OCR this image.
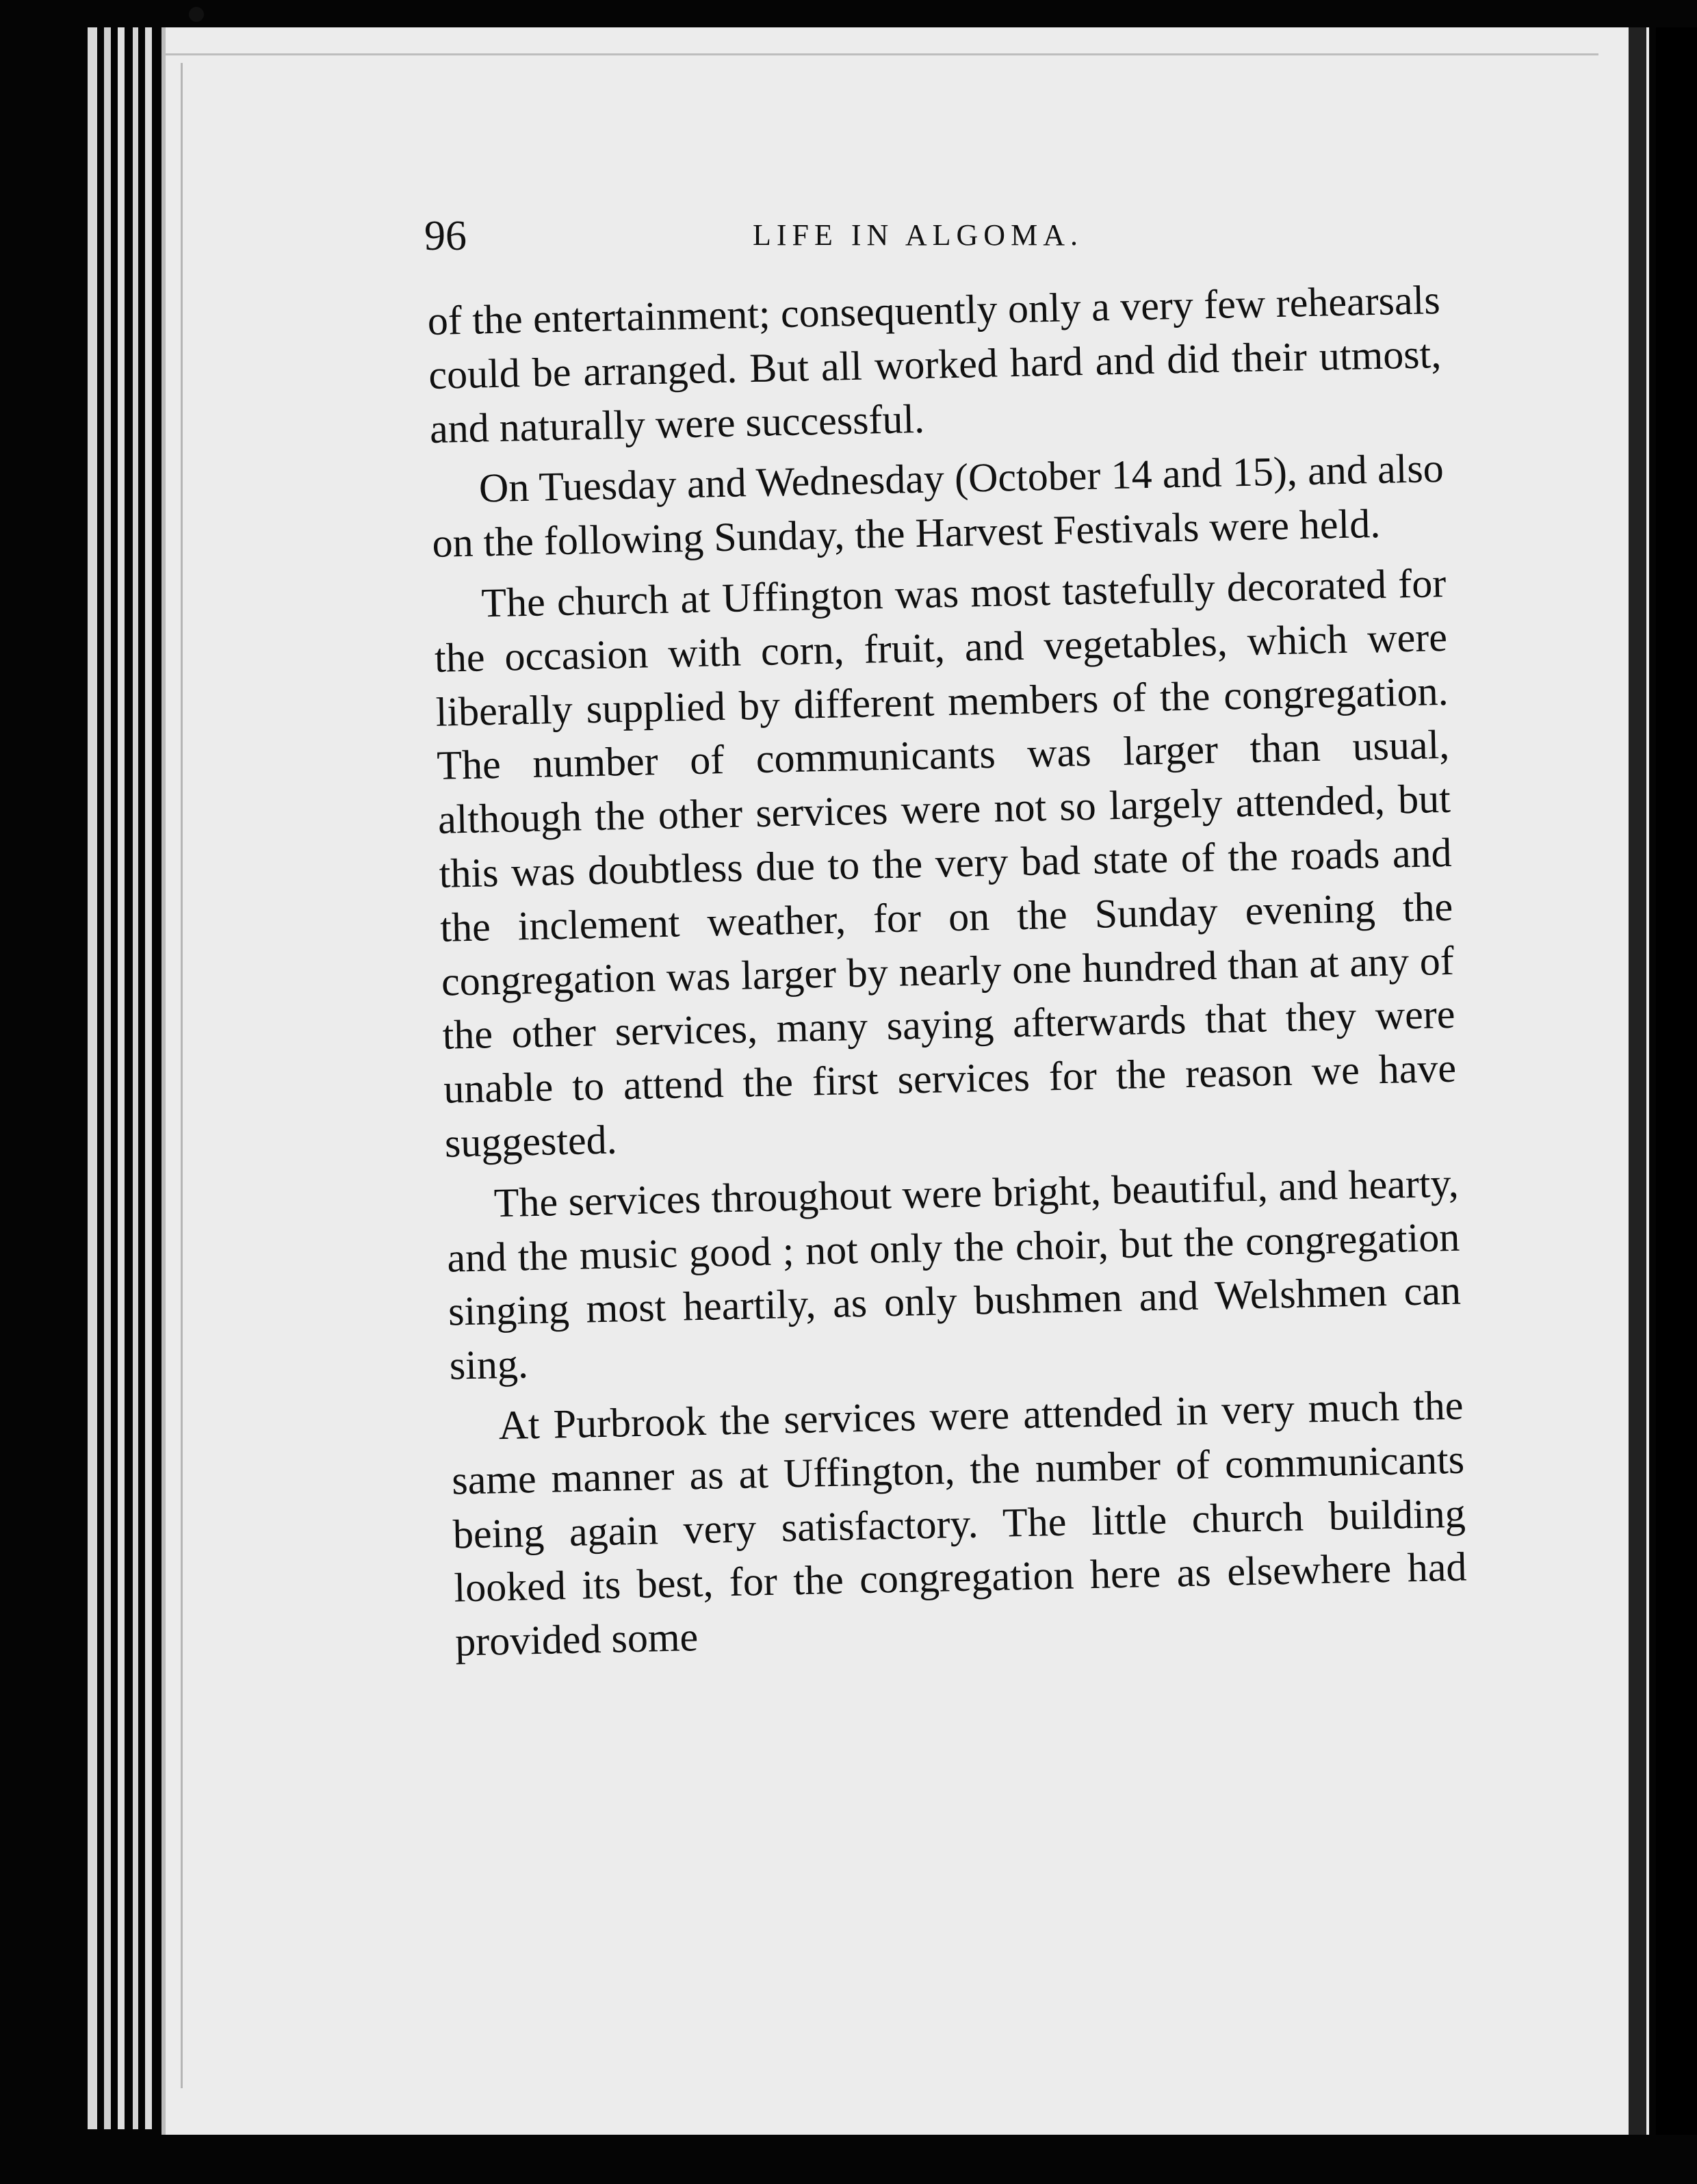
96	LIFE IN ALGOMA.

of the entertainment; consequently only a very few rehearsals could be arranged. But all worked hard and did their utmost, and naturally were successful.

On Tuesday and Wednesday (October 14 and 15), and also on the following Sunday, the Harvest Festivals were held.

The church at Uffington was most tastefully decorated for the occasion with corn, fruit, and vegetables, which were liberally supplied by different members of the congregation. The number of communicants was larger than usual, although the other services were not so largely attended, but this was doubtless due to the very bad state of the roads and the inclement weather, for on the Sunday evening the congregation was larger by nearly one hundred than at any of the other services, many saying afterwards that they were unable to attend the first services for the reason we have suggested.

The services throughout were bright, beautiful, and hearty, and the music good ; not only the choir, but the congregation singing most heartily, as only bushmen and Welshmen can sing.

At Purbrook the services were attended in very much the same manner as at Uffington, the number of communicants being again very satisfactory. The little church building looked its best, for the congregation here as elsewhere had provided some
